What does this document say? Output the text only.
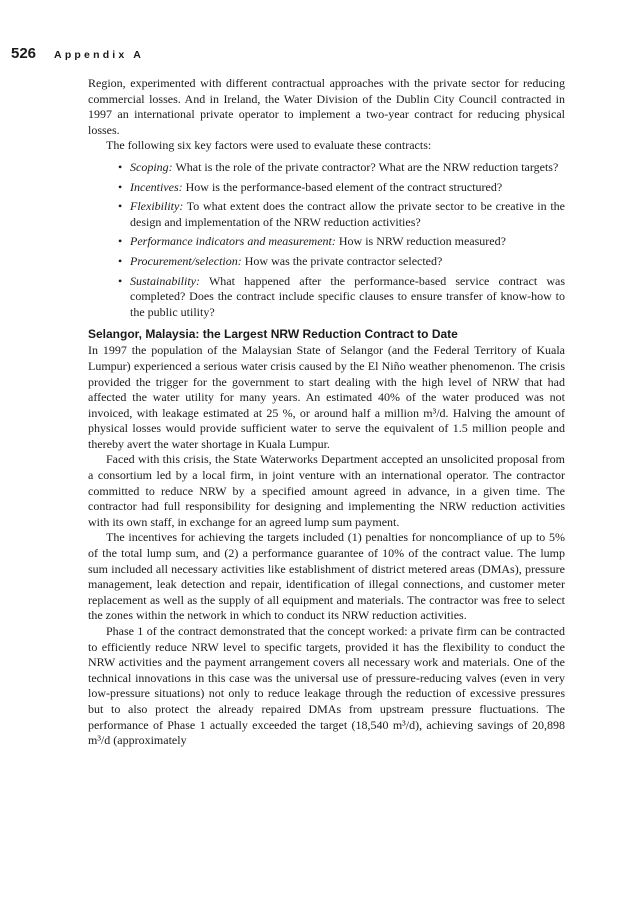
526 Appendix A

Region, experimented with different contractual approaches with the private sector for reducing commercial losses. And in Ireland, the Water Division of the Dublin City Council contracted in 1997 an international private operator to implement a two-year contract for reducing physical losses.

The following six key factors were used to evaluate these contracts:

• Scoping: What is the role of the private contractor? What are the NRW reduction targets?
• Incentives: How is the performance-based element of the contract structured?
• Flexibility: To what extent does the contract allow the private sector to be creative in the design and implementation of the NRW reduction activities?
• Performance indicators and measurement: How is NRW reduction measured?
• Procurement/selection: How was the private contractor selected?
• Sustainability: What happened after the performance-based service contract was completed? Does the contract include specific clauses to ensure transfer of know-how to the public utility?
Selangor, Malaysia: the Largest NRW Reduction Contract to Date

In 1997 the population of the Malaysian State of Selangor (and the Federal Territory of Kuala Lumpur) experienced a serious water crisis caused by the El Niño weather phenomenon. The crisis provided the trigger for the government to start dealing with the high level of NRW that had affected the water utility for many years. An estimated 40% of the water produced was not invoiced, with leakage estimated at 25 %, or around half a million m³/d. Halving the amount of physical losses would provide sufficient water to serve the equivalent of 1.5 million people and thereby avert the water shortage in Kuala Lumpur.

Faced with this crisis, the State Waterworks Department accepted an unsolicited proposal from a consortium led by a local firm, in joint venture with an international operator. The contractor committed to reduce NRW by a specified amount agreed in advance, in a given time. The contractor had full responsibility for designing and implementing the NRW reduction activities with its own staff, in exchange for an agreed lump sum payment.

The incentives for achieving the targets included (1) penalties for noncompliance of up to 5% of the total lump sum, and (2) a performance guarantee of 10% of the contract value. The lump sum included all necessary activities like establishment of district metered areas (DMAs), pressure management, leak detection and repair, identification of illegal connections, and customer meter replacement as well as the supply of all equipment and materials. The contractor was free to select the zones within the network in which to conduct its NRW reduction activities.

Phase 1 of the contract demonstrated that the concept worked: a private firm can be contracted to efficiently reduce NRW level to specific targets, provided it has the flexibility to conduct the NRW activities and the payment arrangement covers all necessary work and materials. One of the technical innovations in this case was the universal use of pressure-reducing valves (even in very low-pressure situations) not only to reduce leakage through the reduction of excessive pressures but to also protect the already repaired DMAs from upstream pressure fluctuations. The performance of Phase 1 actually exceeded the target (18,540 m³/d), achieving savings of 20,898 m³/d (approximately
